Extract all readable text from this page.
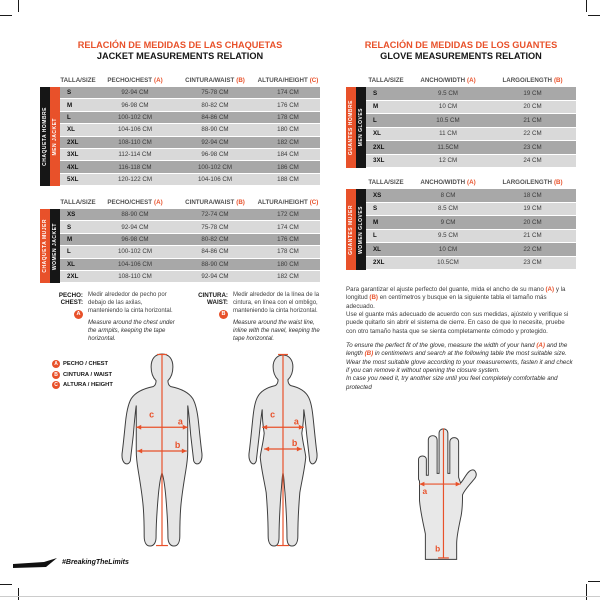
RELACIÓN DE MEDIDAS DE LAS CHAQUETAS
JACKET MEASUREMENTS RELATION
TALLA/SIZE PECHO/CHEST (A)	CINTURA/WAIST (B) ALTURA/HEIGHT (C)
CHAQUETA HOMBRE MEN JACKET
S	92-94 CM	75-78 CM	174 CM
M	96-98 CM	80-82 CM	176 CM
L	100-102 CM	84-86 CM	178 CM
XL	104-106 CM	88-90 CM	180 CM
2XL	108-110 CM	92-94 CM	182 CM
3XL	112-114 CM	96-98 CM	184 CM
4XL	116-118 CM	100-102 CM	186 CM
5XL	120-122 CM	104-106 CM	188 CM
TALLA/SIZE PECHO/CHEST (A)	CINTURA/WAIST (B) ALTURA/HEIGHT (C)
CHAQUETA MUJER WOMEN JACKET
XS	88-90 CM	72-74 CM	172 CM
S	92-94 CM	75-78 CM	174 CM
M	96-98 CM	80-82 CM	176 CM
L	100-102 CM	84-86 CM	178 CM
XL	104-106 CM	88-90 CM	180 CM
2XL	108-110 CM	92-94 CM	182 CM
PECHO:
CHEST:
A
Medir alrededor de pecho por debajo de las axilas, manteniendo la cinta horizontal.
Measure around the chest under the armpits, keeping the tape horizontal.
CINTURA:
WAIST:
B
Medir alrededor de la línea de la cintura, en línea con el ombligo, manteniendo la cinta horizontal.
Measure around the waist line, inline with the navel, keeping the tape horizontal.
A PECHO / CHEST
B CINTURA / WAIST
C ALTURA / HEIGHT
c
a
b
c
a
b
#BreakingTheLimits
RELACIÓN DE MEDIDAS DE LOS GUANTES
GLOVE MEASUREMENTS RELATION
TALLA/SIZE	ANCHO/WIDTH (A)	LARGO/LENGTH (B)
GUANTES HOMBRE MEN GLOVES
S	9.5 CM	19 CM
M	10 CM	20 CM
L	10.5 CM	21 CM
XL	11 CM	22 CM
2XL	11.5CM	23 CM
3XL	12 CM	24 CM
TALLA/SIZE	ANCHO/WIDTH (A)	LARGO/LENGTH (B)
GUANTES MUJER WOMEN GLOVES
XS	8 CM	18 CM
S	8.5 CM	19 CM
M	9 CM	20 CM
L	9.5 CM	21 CM
XL	10 CM	22 CM
2XL	10.5CM	23 CM

Para garantizar el ajuste perfecto del guante, mida el ancho de su mano (A) y la longitud (B) en centímetros y busque en la siguiente tabla el tamaño más adecuado.

Use el guante más adecuado de acuerdo con sus medidas, ajústelo y verifique si puede quitarlo sin abrir el sistema de cierre. En caso de que lo necesite, pruebe con otro tamaño hasta que se sienta completamente cómodo y protegido.

To ensure the perfect fit of the glove, measure the width of your hand (A) and the length (B) in centimeters and search at the following table the most suitable size. Wear the most suitable glove according to your measurements, fasten it and check if you can remove it without opening the closure system.

In case you need it, try another size until you feel completely comfortable and protected

a
b
